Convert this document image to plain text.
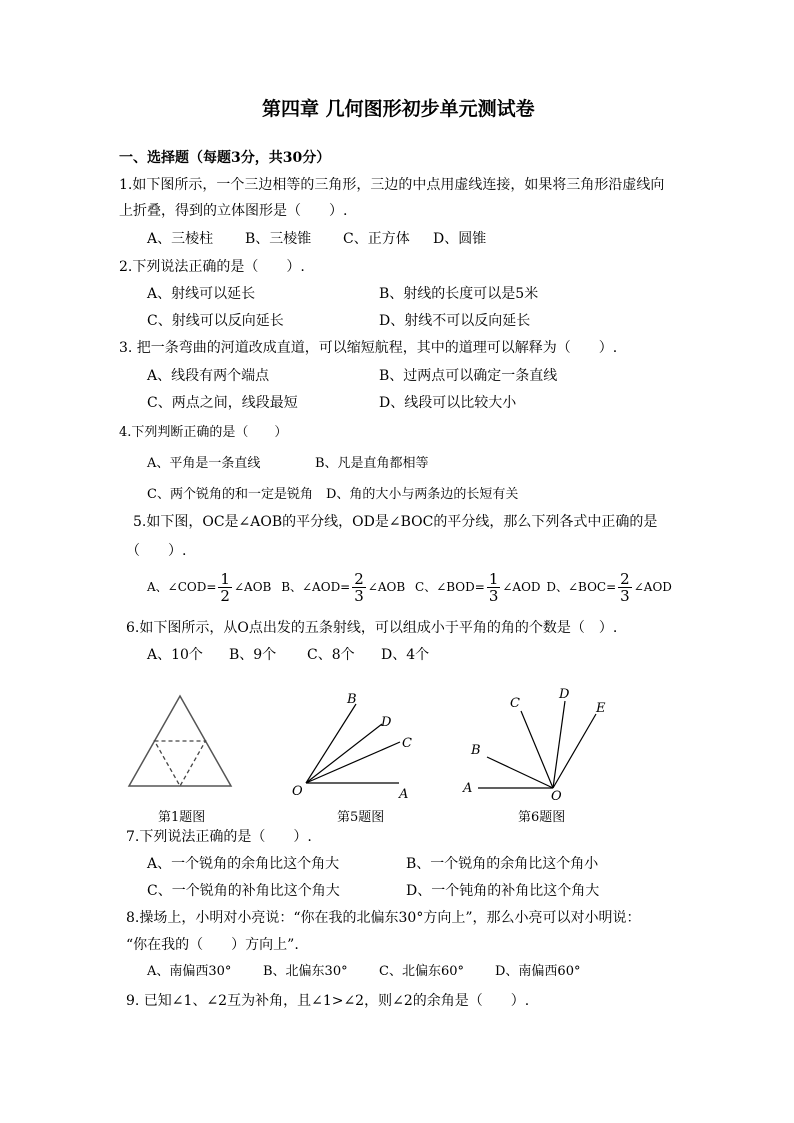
第四章 几何图形初步单元测试卷
一、选择题（每题3分，共30分）
1.如下图所示，一个三边相等的三角形，三边的中点用虚线连接，如果将三角形沿虚线向
上折叠，得到的立体图形是（　　）.
A、三棱柱 B、三棱锥 C、正方体 D、圆锥
2.下列说法正确的是（　　）.
A、射线可以延长	B、射线的长度可以是5米
C、射线可以反向延长	D、射线不可以反向延长
3. 把一条弯曲的河道改成直道，可以缩短航程，其中的道理可以解释为（　　）.
A、线段有两个端点	B、过两点可以确定一条直线
C、两点之间，线段最短	D、线段可以比较大小
4.下列判断正确的是（　　）
A、平角是一条直线	B、凡是直角都相等
C、两个锐角的和一定是锐角　D、角的大小与两条边的长短有关
5.如下图，OC是∠AOB的平分线，OD是∠BOC的平分线，那么下列各式中正确的是
（　　）.
A、∠COD= $\frac{1}{2}$ ∠AOB B、∠AOD= $\frac{2}{3}$ ∠AOB C、∠BOD= $\frac{1}{3}$ ∠AOD D、∠BOC= $\frac{2}{3}$ ∠AOD
6.如下图所示，从O点出发的五条射线，可以组成小于平角的角的个数是（　）.
A、10个 B、9个 C、8个 D、4个
第1题图
O	A
C
D
B
第5题图
A
B
C
D
E
O
第6题图
7.下列说法正确的是（　　）.
A、一个锐角的余角比这个角大	B、一个锐角的余角比这个角小
C、一个锐角的补角比这个角大	D、一个钝角的补角比这个角大
8.操场上，小明对小亮说：“你在我的北偏东30°方向上”，那么小亮可以对小明说：
“你在我的（　　）方向上”.
A、南偏西30° B、北偏东30° C、北偏东60° D、南偏西60°
9. 已知∠1、∠2互为补角，且∠1>∠2，则∠2的余角是（　　）.
